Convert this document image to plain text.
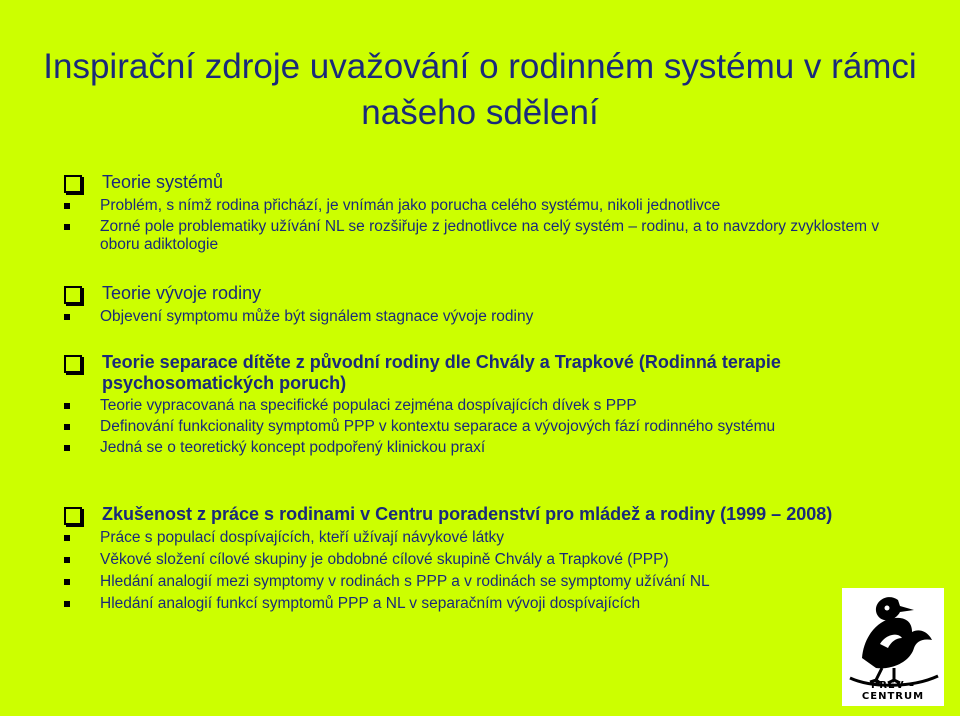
Inspirační zdroje uvažování o rodinném systému v rámci našeho sdělení
Teorie systémů
Problém, s nímž rodina přichází, je vnímán jako porucha celého systému, nikoli jednotlivce
Zorné pole problematiky užívání NL se rozšiřuje z jednotlivce na celý systém – rodinu, a to navzdory zvyklostem v oboru adiktologie
Teorie vývoje rodiny
Objevení symptomu může být signálem stagnace vývoje rodiny
Teorie separace dítěte z původní rodiny dle Chvály a Trapkové (Rodinná terapie psychosomatických poruch)
Teorie vypracovaná na specifické populaci zejména dospívajících dívek s PPP
Definování funkcionality symptomů PPP v kontextu separace a vývojových fází rodinného systému
Jedná se o teoretický koncept podpořený klinickou praxí
Zkušenost z práce s rodinami v Centru poradenství pro mládež a rodiny (1999 – 2008)
Práce s populací dospívajících, kteří užívají návykové látky
Věkové složení cílové skupiny je obdobné cílové skupině Chvály a Trapkové (PPP)
Hledání analogií mezi symptomy v rodinách s PPP a v rodinách se symptomy užívání NL
Hledání analogií funkcí symptomů PPP a NL v separačním vývoji dospívajících
PREV – CENTRUM
